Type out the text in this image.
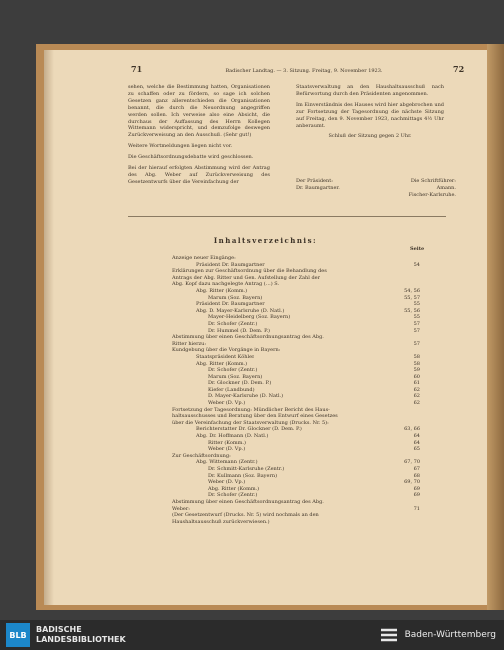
71	Badischer Landtag. — 3. Sitzung. Freitag, 9. November 1923.	72

sehen, welche die Bestimmung hatten, Organisationen zu schaffen oder zu fördern, so sage ich solchen Gesetzen ganz allerentschieden die Organisationen benannt, die durch die Neuordnung angegriffen werden sollen. Ich verweise also eine Absicht, die durchaus der Auffassung des Herrn Kollegen Wittemann widerspricht, und demzufolge deswegen Zurückverweisung an den Ausschuß. (Sehr gut!)

Weitere Wortmeldungen liegen nicht vor.

Die Geschäftsordnungsdebatte wird geschlossen.

Bei der hierauf erfolgten Abstimmung wird der Antrag des Abg. Weber auf Zurückverweisung des Gesetzentwurfs über die Vereinfachung der

Staatsverwaltung an den Haushaltsausschuß nach Befürwortung durch den Präsidenten angenommen.

Im Einverständnis des Hauses wird hier abgebrochen und zur Fortsetzung der Tagesordnung die nächste Sitzung auf Freitag, den 9. November 1923, nachmittags 4½ Uhr anberaumt.

Schluß der Sitzung gegen 2 Uhr.

Der Präsident:	Die Schriftführer:
Dr. Baumgartner.	Amann.
Fischer-Karlsruhe.
Inhaltsverzeichnis:
Seite
Anzeige neuer Eingänge:
Präsident Dr. Baumgartner	54
Erklärungen zur Geschäftsordnung über die Behandlung des
Antrags der Abg. Ritter und Gen. Aufstellung der Zahl der
Abg. Kopf dazu nachgelegte Antrag (…) S.
Abg. Ritter (Komm.)	54, 56
Marum (Soz. Bayern)	55, 57
Präsident Dr. Baumgartner	55
Abg. D. Mayer-Karlsruhe (D. Natl.)	55, 56
Mayer-Heidelberg (Soz. Bayern)	55
Dr. Schofer (Zentr.)	57
Dr. Hummel (D. Dem. P.)	57
Abstimmung über einen Geschäftsordnungsantrag des Abg.
Ritter hierzu:	57
Kundgebung über die Vorgänge in Bayern:
Staatspräsident Köhler	58
Abg. Ritter (Komm.)	58
Dr. Schofer (Zentr.)	59
Marum (Soz. Bayern)	60
Dr. Glockner (D. Dem. P.)	61
Kiefer (Landbund)	62
D. Mayer-Karlsruhe (D. Natl.)	62
Weber (D. Vp.)	62
Fortsetzung der Tagesordnung: Mündlicher Bericht des Haus-
haltsausschusses und Beratung über den Entwurf eines Gesetzes
über die Vereinfachung der Staatsverwaltung (Drucks. Nr. 5):
Berichterstatter Dr. Glockner (D. Dem. P.)	63, 66
Abg. Dr. Hoffmann (D. Natl.)	64
Ritter (Komm.)	64
Weber (D. Vp.)	65
Zur Geschäftsordnung:
Abg. Wittemann (Zentr.)	67, 70
Dr. Schmitt-Karlsruhe (Zentr.)	67
Dr. Kullmann (Soz. Bayern)	68
Weber (D. Vp.)	69, 70
Abg. Ritter (Komm.)	69
Dr. Schofer (Zentr.)	69
Abstimmung über einen Geschäftsordnungsantrag des Abg.
Weber:	71
(Der Gesetzentwurf (Drucks. Nr. 5) wird nochmals an den
Haushaltsausschuß zurückverwiesen.)
BLB
BADISCHE
LANDESBIBLIOTHEK	Baden-Württemberg
